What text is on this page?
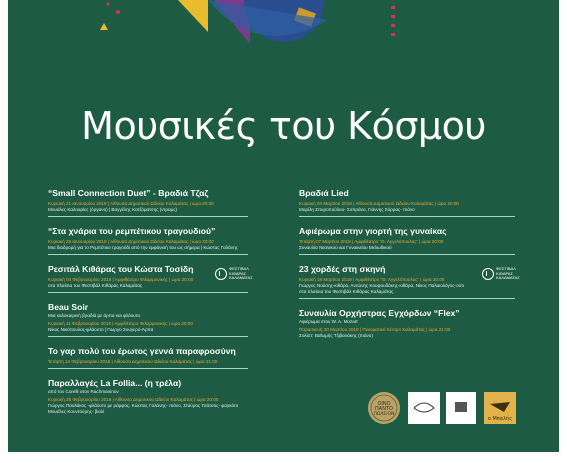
Μουσικές του Κόσμου
“Small Connection Duet” - Βραδιά Τζαζ
Κυριακή 21 Ιανουαρίου 2018 | Αίθουσα Δημοτικού Ωδείου Καλαμάτας | ώρα 20:30
Μουάλες Καλοαρίες (όργανο) | Βαγγέλης Κατζόματσης (ντραμς)
“Στα χνάρια του ρεμπέτικου τραγουδιού”
Κυριακή 28 Ιανουαρίου 2018 | Αίθουσα Δημοτικού Ωδείου Καλαμάτας | ώρα 20:00
Μια διαδρομή για το Ρεμπέτικο τραγούδι από την εμφάνισή του ως σήμερα | Κώστας Γαλάνης
Ρεσιτάλ Κιθάρας του Κώστα Τοσίδη
Κυριακή 04 Φεβρουαρίου 2018 | Αμφιθέατρο Φιλαρμονικής | ώρα 20:00
στα πλαίσια του Φεστιβάλ Κιθάρας Καλαμάτας
Beau Soir
Μια καλοκαιρινή βραδιά με άρπα και φλάουτο
Κυριακή 11 Φεβρουαρίου 2018 | Αμφιθέατρο Φιλαρμονικής | ώρα 20:00
Νίκος Νικόπουλος-φλάουτο | Γιωργο Σουγερό-Άρπα
Το γαρ πολύ του έρωτος γεννά παραφροσύνη
Τετάρτη 14 Φεβρουαρίου 2018 | Αίθουσα Δημοτικού Ωδείου Καλαμάτας | ώρα 21:00
Παραλλαγές La Follia... (η τρέλα)
από τον Corelli στον Rachmaninov
Κυριακή 25 Φεβρουαρίου 2018 | Αίθουσα Δημοτικού Ωδείου Καλαμάτας | ώρα 20:00
Γιώργος Παυλάκος -φλάουτο με ράμφος, Κώστας Γαλάνης- πιάνο, Σταύρος Τσάτσος- φαγκότο
Μουάλες Κουντούρης- βιολί
ΦΕΣΤΙΒΑΛ
ΚΙΘΑΡΑΣ
ΚΑΛΑΜΑΤΑΣ
Βραδιά Lied
Κυριακή 04 Μαρτίου 2018 | Αίθουσα Δημοτικού Ωδείου Καλαμάτας | ώρα 20:00
Μαρίλη Σπυροπούλου- Σοπράνο, Γιάννης Σόρρας- πιάνο
Αφιέρωμα στην γιορτή της γυναίκας
Τετάρτη 07 Μαρτίου 2018 | Αμφιθέατρο “Θ. Αγγελόπουλος” | ώρα 20:00
Συναυλία Νεανικού και Γυναικείου Μελωδικού
23 χορδές στη σκηνή
Κυριακή 18 Μαρτίου 2018 | Αμφιθέατρο “Θ. Αγγελόπουλος” | ώρα 20:00
Γιώργος Νούσης-κιθάρα, Αντώνης Κουφουδάκης-κιθάρα, Νίκος Παλαιολόγος-ούτι
στα πλαίσια του Φεστιβάλ Κιθάρας Καλαμάτας
Συναυλία Ορχήστρας Εγχόρδων “Flex”
Αφιέρωμα στον W. A. Mozart
Παρασκευή 30 Μαρτίου 2018 | Πνευματικό Κέντρο Καλαμάτας | ώρα 21:00
Σολίστ: Βαΐωμής Τζιβανάκης (πιάνο)
ΦΕΣΤΙΒΑΛ
ΚΙΘΑΡΑΣ
ΚΑΛΑΜΑΤΑΣ
ΟΙΝΟ
ΠΑΝΤΟ
ΠΩΛΕΙΟΝ
ο Μπαλής
